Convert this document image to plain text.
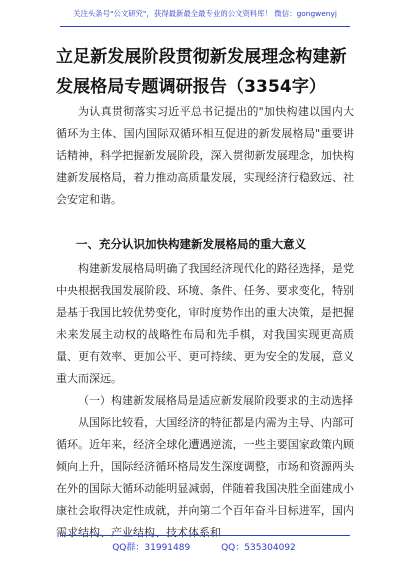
关注头条号"公文研究"，获得最新最全最专业的公文资料库！ 微信：gongwenyj
立足新发展阶段贯彻新发展理念构建新发展格局专题调研报告（3354字）

为认真贯彻落实习近平总书记提出的"加快构建以国内大循环为主体、国内国际双循环相互促进的新发展格局"重要讲话精神，科学把握新发展阶段，深入贯彻新发展理念，加快构建新发展格局，着力推动高质量发展，实现经济行稳致远、社会安定和谐。

一、充分认识加快构建新发展格局的重大意义

构建新发展格局明确了我国经济现代化的路径选择，是党中央根据我国发展阶段、环境、条件、任务、要求变化，特别是基于我国比较优势变化，审时度势作出的重大决策，是把握未来发展主动权的战略性布局和先手棋，对我国实现更高质量、更有效率、更加公平、更可持续、更为安全的发展，意义重大而深远。

（一）构建新发展格局是适应新发展阶段要求的主动选择

从国际比较看，大国经济的特征都是内需为主导、内部可循环。近年来，经济全球化遭遇逆流，一些主要国家政策内顾倾向上升，国际经济循环格局发生深度调整，市场和资源两头在外的国际大循环动能明显减弱，伴随着我国决胜全面建成小康社会取得决定性成就，并向第二个百年奋斗目标进军，国内需求结构、产业结构、技术体系和

QQ群：31991489	QQ：535304092
